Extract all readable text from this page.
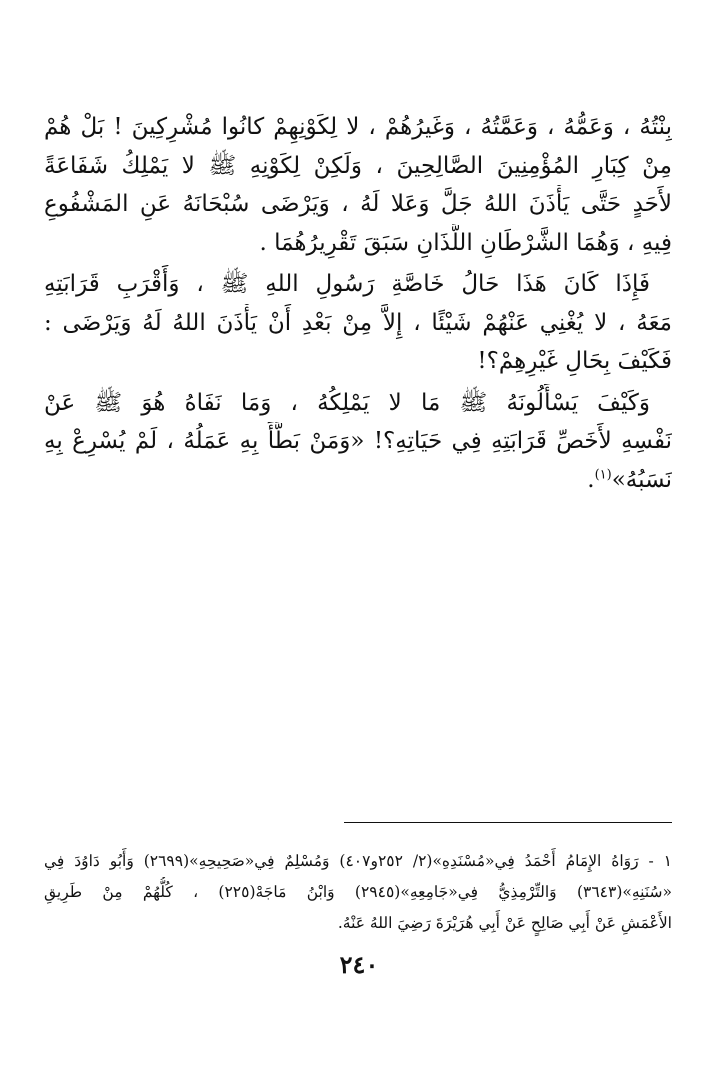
بِنْتُهُ ، وَعَمُّهُ ، وَعَمَّتُهُ ، وَغَيرُهُمْ ، لا لِكَوْنِهِمْ كانُوا مُشْرِكِينَ ! بَلْ هُمْ
مِنْ كِبَارِ المُؤْمِنِينَ الصَّالِحِينَ ، وَلَكِنْ لِكَوْنِهِ ﷺ لا يَمْلِكُ شَفَاعَةً
لأَحَدٍ حَتَّى يَأْذَنَ اللهُ جَلَّ وَعَلا لَهُ ، وَيَرْضَى سُبْحَانَهُ عَنِ المَشْفُوعِ
فِيهِ ، وَهُمَا الشَّرْطَانِ اللَّذَانِ سَبَقَ تَقْرِيرُهُمَا .

فَإِذَا كَانَ هَذَا حَالُ خَاصَّةِ رَسُولِ اللهِ ﷺ ، وَأَقْرَبِ قَرَابَتِهِ
مَعَهُ ، لا يُغْنِي عَنْهُمْ شَيْئًا ، إِلاَّ مِنْ بَعْدِ أَنْ يَأْذَنَ اللهُ لَهُ وَيَرْضَى :
فَكَيْفَ بِحَالِ غَيْرِهِمْ؟!

وَكَيْفَ يَسْأَلُونَهُ ﷺ مَا لا يَمْلِكُهُ ، وَمَا نَفَاهُ هُوَ ﷺ عَنْ
نَفْسِهِ لأَخَصِّ قَرَابَتِهِ فِي حَيَاتِهِ؟! «وَمَنْ بَطَّأَ بِهِ عَمَلُهُ ، لَمْ يُسْرِعْ بِهِ
نَسَبُهُ»$^{(١)}$.

١ - رَوَاهُ الإِمَامُ أَحْمَدُ فِي«مُسْنَدِهِ»(٢/ ٢٥٢و٤٠٧) وَمُسْلِمٌ فِي«صَحِيحِهِ»(٢٦٩٩) وَأَبُو دَاوُدَ فِي
«سُنَنِهِ»(٣٦٤٣) وَالتِّرْمِذِيُّ فِي«جَامِعِهِ»(٢٩٤٥) وَابْنُ مَاجَهْ(٢٢٥) ، كُلُّهُمْ مِنْ طَرِيقِ
الأَعْمَشِ عَنْ أَبِي صَالِحٍ عَنْ أَبِي هُرَيْرَةَ رَضِيَ اللهُ عَنْهُ.
٢٤٠
